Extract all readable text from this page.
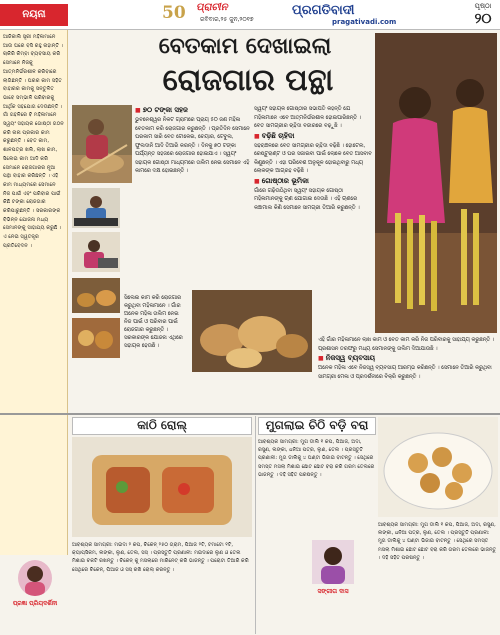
ନୟନା	50	ପ୍ରାଚୀନ
ରବିବାର,୨୫ ଜୁନ,୨୦୧୭
ପ୍ରଗତିବାଦୀ
pragativadi.com
ପୃଷ୍ଠା
୨୦
ଆଜିକାଲି ସ୍ତ୍ରୀ ମହିଳାମାନେ ଆଉ ଘରେ ବସି ରହୁ ନାହାନ୍ତି । ଚାକିରି କିମ୍ବା ବ୍ୟବସାୟ କରି ସେମାନେ ନିଜକୁ ଆତ୍ମନିର୍ଭରଶୀଳ କରିବାରେ ଲାଗିଛନ୍ତି । ଘରର କାମ ସହିତ ବାହାରର କାମକୁ ସନ୍ତୁଳିତ ଭାବେ ସମ୍ଭାଳି ପରିବାରକୁ ଆର୍ଥିକ ସହଯୋଗ ଦେଉଛନ୍ତି । ଗାଁ ଗହଳିରେ ବି ମହିଳାମାନେ ସ୍ୱୟଂ ସହାୟକ ଗୋଷ୍ଠୀ ଗଠନ କରି ନାନା ପ୍ରକାର କାମ କରୁଛନ୍ତି । ବେତ କାମ, ଶାଳପତ୍ର ଖଲି, ଲାଖ କାମ, ସିଲେଇ କାମ ଆଦି କରି ସେମାନେ ରୋଜଗାରର ନୂଆ ପନ୍ଥା ବାହାର କରିଛନ୍ତି । ଏହି କାମ ମାଧ୍ୟମରେ ସେମାନେ ନିଜ ପାଇଁ ଏବଂ ପରିବାର ପାଇଁ କିଛି ଟଙ୍କା ରୋଜଗାର କରିପାରୁଛନ୍ତି । ସରକାରଙ୍କ ବିଭିନ୍ନ ଯୋଜନା ମଧ୍ୟ ସେମାନଙ୍କୁ ସାହାଯ୍ୟ କରୁଛି । ଏ ନେଇ ସ୍ୱତନ୍ତ୍ର ପ୍ରତିବେଦନ ।
ବେତକାମ ଦେଖାଇଲା
ରୋଜଗାର ପନ୍ଥା
■ ୭୦ ଟଙ୍କା ସହଜ
ଭୁବନେଶ୍ୱର ନିକଟ ଗ୍ରାମରେ ପ୍ରାୟ ୫୦ ଜଣ ମହିଳା ବେତକାମ କରି ରୋଜଗାର କରୁଛନ୍ତି । ପ୍ରତିଦିନ ସେମାନେ ଘରକାମ ସାରି ବେତ ଟୋକେଇ, ଚେୟାର, ଟେବୁଲ, ଫୁଲଦାନି ଆଦି ତିଆରି କରନ୍ତି । ଦିନକୁ ୭୦ ଟଙ୍କା ପର୍ଯ୍ୟନ୍ତ ସହଜରେ ରୋଜଗାର ହୋଇଯାଏ । ସ୍ୱୟଂ ସହାୟକ ଗୋଷ୍ଠୀ ମାଧ୍ୟମରେ ତାଲିମ ନେଇ ସେମାନେ ଏହି କାମରେ ଦକ୍ଷ ହୋଇଛନ୍ତି ।
ସିଲେଇ କାମ କରି ରୋଜଗାର କରୁଥିବା ମହିଳାମାନେ । ଗାଁର ଅନେକ ମହିଳା ତାଲିମ ନେଇ ନିଜ ପାଇଁ ଓ ପରିବାର ପାଇଁ ରୋଜଗାର କରୁଛନ୍ତି । ସରକାରଙ୍କ ଯୋଜନା ଏଥିରେ ସହାୟକ ହେଉଛି ।
ସ୍ୱୟଂ ସହାୟକ ଗୋଷ୍ଠୀର ସଭାପତି କହନ୍ତି ଯେ ମହିଳାମାନେ ଏବେ ଆତ୍ମନିର୍ଭରଶୀଳ ହୋଇପାରିଛନ୍ତି । ବେତ ସାମଗ୍ରୀର ଚାହିଦା ବଜାରରେ ବଢ଼ୁଛି ।
■ ବଢ଼ିଛି ଚାହିଦା
ସହରାଞ୍ଚଳରେ ବେତ ସାମଗ୍ରୀର ଚାହିଦା ବଢ଼ିଛି । ହୋଟେଲ, ରେଷ୍ଟୁରାଣ୍ଟ ଓ ଘର ସଜାଇବା ପାଇଁ ଲୋକେ ବେତ ଆସବାବ କିଣୁଛନ୍ତି । ଏହା ପରିବେଶ ଅନୁକୂଳ ହୋଇଥିବାରୁ ମଧ୍ୟ ଲୋକଙ୍କ ଆଗ୍ରହ ବଢ଼ିଛି ।
■ ଗୋଷ୍ଠୀର ଭୂମିକା
ଗାଁରେ ଗଢ଼ିଉଠିଥିବା ସ୍ୱୟଂ ସହାୟକ ଗୋଷ୍ଠୀ ମହିଳାମାନଙ୍କୁ ଋଣ ଯୋଗାଇ ଦେଉଛି । ଏହି ଋଣରେ କଞ୍ଚାମାଲ କିଣି ସେମାନେ ସାମଗ୍ରୀ ତିଆରି କରୁଛନ୍ତି ।
ଏହି ଗାଁର ମହିଳାମାନେ ଲାଖ କାମ ଓ ବେତ କାମ କରି ନିଜ ପରିବାରକୁ ସାହାଯ୍ୟ କରୁଛନ୍ତି । ପ୍ରଶାସନ ତରଫରୁ ମଧ୍ୟ ସେମାନଙ୍କୁ ତାଲିମ ଦିଆଯାଉଛି ।
■ ନିଜସ୍ୱ ବ୍ୟବସାୟ
ଅନେକ ମହିଳା ଏବେ ନିଜସ୍ୱ ବ୍ୟବସାୟ ଆରମ୍ଭ କରିଛନ୍ତି । ସେମାନେ ତିଆରି କରୁଥିବା ସାମଗ୍ରୀ ମେଳା ଓ ପ୍ରଦର୍ଶନୀରେ ବିକ୍ରି କରୁଛନ୍ତି ।
କାଠି ରୋଲ୍
ଆବଶ୍ୟକ ସାମଗ୍ରୀ: ମଇଦା ୨ କପ, ଚିକେନ୍ ୨୫୦ ଗ୍ରାମ, ପିଆଜ ୨ଟି, ଟମାଟୋ ୧ଟି, କ୍ୟାପ୍ସିକମ, ଲଙ୍କା, ଲୁଣ, ତେଲ, ସସ୍ । ପ୍ରସ୍ତୁତି ପ୍ରଣାଳୀ: ମଇଦାରେ ଲୁଣ ଓ ତେଲ ମିଶାଇ ଚକଟି ରଖନ୍ତୁ । ଚିକେନ୍ କୁ ମସଲାରେ ମାରିନେଟ୍ କରି ଭାଜନ୍ତୁ । ପରୋଟା ତିଆରି କରି ସେଥିରେ ଚିକେନ୍, ପିଆଜ ଓ ସସ୍ ରଖି ରୋଲ୍ କରନ୍ତୁ ।
ପ୍ରଜ୍ଞା ପ୍ରିୟଦର୍ଶିନୀ
ମୁଗଲାଇ ଚିଠି ବଡ଼ି ବରା
ଆବଶ୍ୟକ ସାମଗ୍ରୀ: ମୁଗ ଡାଲି ୧ କପ, ପିଆଜ, ଅଦା, ରସୁଣ, ଲଙ୍କା, ଧନିଆ ପତ୍ର, ଲୁଣ, ତେଲ । ପ୍ରସ୍ତୁତି ପ୍ରଣାଳୀ: ମୁଗ ଡାଲିକୁ ୪ ଘଣ୍ଟା ଭିଜାଇ ବାଟନ୍ତୁ । ସେଥିରେ ସମସ୍ତ ମସଲା ମିଶାଇ ଛୋଟ ଛୋଟ ବରା କରି ଗରମ ତେଲରେ ଭାଜନ୍ତୁ । ଦହି ସହିତ ପରଷନ୍ତୁ ।
ସଙ୍ଗୀତା ଦାସ
ଆବଶ୍ୟକ ସାମଗ୍ରୀ: ମୁଗ ଡାଲି ୧ କପ, ପିଆଜ, ଅଦା, ରସୁଣ, ଲଙ୍କା, ଧନିଆ ପତ୍ର, ଲୁଣ, ତେଲ । ପ୍ରସ୍ତୁତି ପ୍ରଣାଳୀ: ମୁଗ ଡାଲିକୁ ୪ ଘଣ୍ଟା ଭିଜାଇ ବାଟନ୍ତୁ । ସେଥିରେ ସମସ୍ତ ମସଲା ମିଶାଇ ଛୋଟ ଛୋଟ ବରା କରି ଗରମ ତେଲରେ ଭାଜନ୍ତୁ । ଦହି ସହିତ ପରଷନ୍ତୁ ।
